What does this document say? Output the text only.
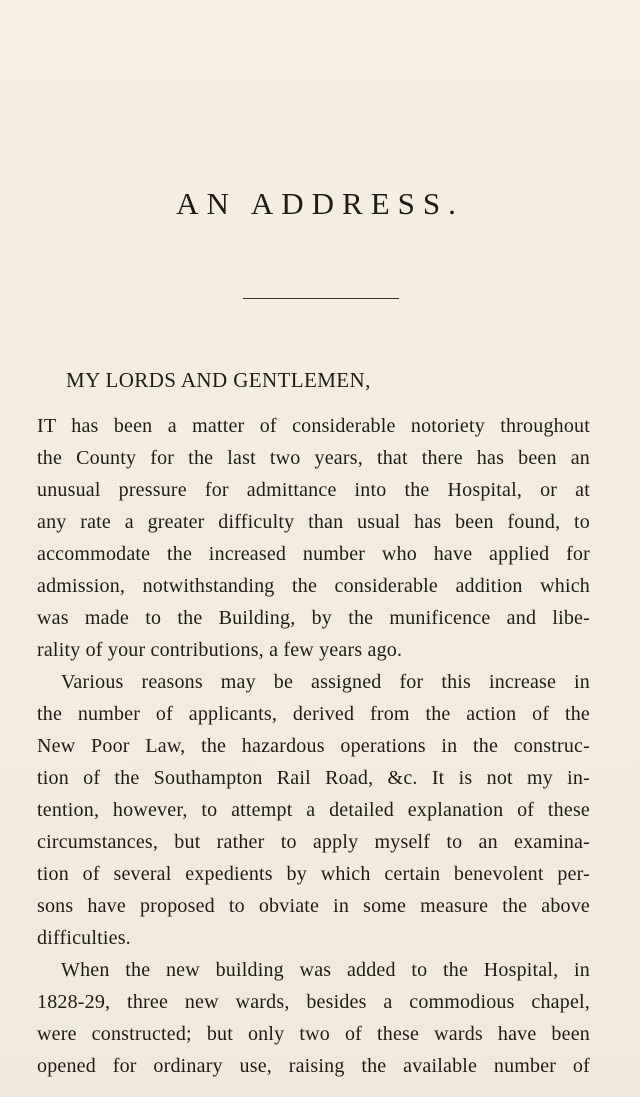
AN ADDRESS.

MY LORDS AND GENTLEMEN,

IT has been a matter of considerable notoriety throughout
the County for the last two years, that there has been an
unusual pressure for admittance into the Hospital, or at
any rate a greater difficulty than usual has been found, to
accommodate the increased number who have applied for
admission, notwithstanding the considerable addition which
was made to the Building, by the munificence and libe-
rality of your contributions, a few years ago.

Various reasons may be assigned for this increase in
the number of applicants, derived from the action of the
New Poor Law, the hazardous operations in the construc-
tion of the Southampton Rail Road, &c. It is not my in-
tention, however, to attempt a detailed explanation of these
circumstances, but rather to apply myself to an examina-
tion of several expedients by which certain benevolent per-
sons have proposed to obviate in some measure the above
difficulties.

When the new building was added to the Hospital, in
1828-29, three new wards, besides a commodious chapel,
were constructed; but only two of these wards have been
opened for ordinary use, raising the available number of
